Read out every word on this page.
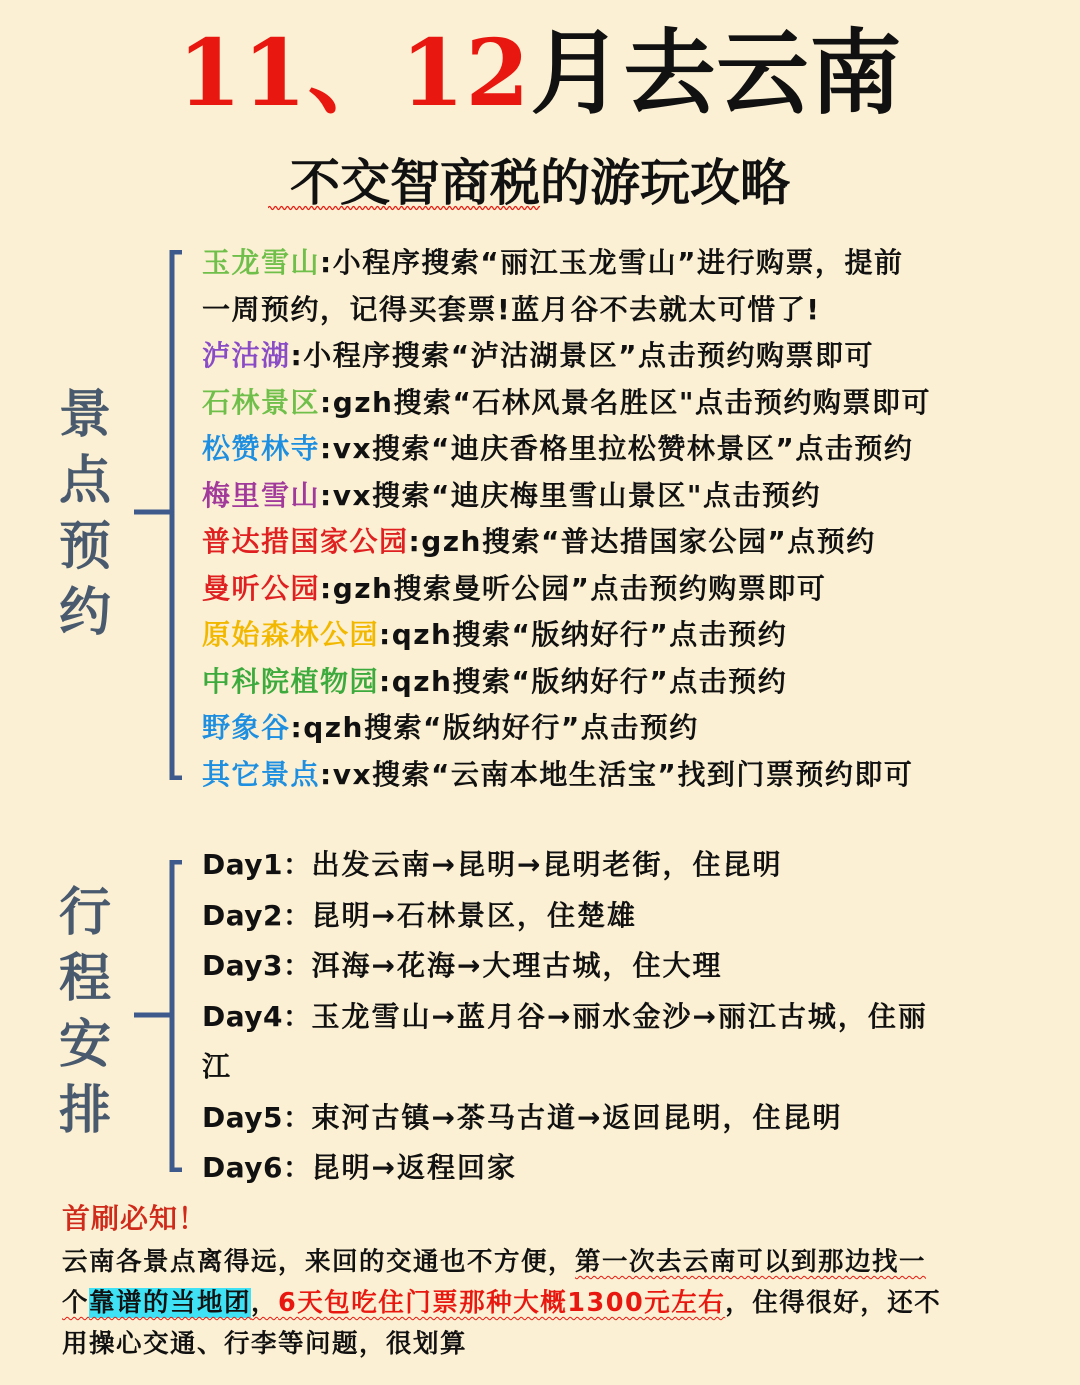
11、12月去云南
不交智商税的游玩攻略
景
点
预
约
玉龙雪山:小程序搜索“丽江玉龙雪山”进行购票，提前
一周预约，记得买套票!蓝月谷不去就太可惜了!
泸沽湖:小程序搜索“泸沽湖景区”点击预约购票即可
石林景区:gzh搜索“石林风景名胜区"点击预约购票即可
松赞林寺:vx搜索“迪庆香格里拉松赞林景区”点击预约
梅里雪山:vx搜索“迪庆梅里雪山景区"点击预约
普达措国家公园:gzh搜索“普达措国家公园”点预约
曼听公园:gzh搜索曼听公园”点击预约购票即可
原始森林公园:qzh搜索“版纳好行”点击预约
中科院植物园:qzh搜索“版纳好行”点击预约
野象谷:qzh搜索“版纳好行”点击预约
其它景点:vx搜索“云南本地生活宝”找到门票预约即可
行
程
安
排
Day1：出发云南→昆明→昆明老街，住昆明
Day2：昆明→石林景区，住楚雄
Day3：洱海→花海→大理古城，住大理
Day4：玉龙雪山→蓝月谷→丽水金沙→丽江古城，住丽
江
Day5：束河古镇→茶马古道→返回昆明，住昆明
Day6：昆明→返程回家
首刷必知！
云南各景点离得远，来回的交通也不方便，第一次去云南可以到那边找一
个靠谱的当地团，6天包吃住门票那种大概1300元左右，住得很好，还不
用操心交通、行李等问题，很划算
